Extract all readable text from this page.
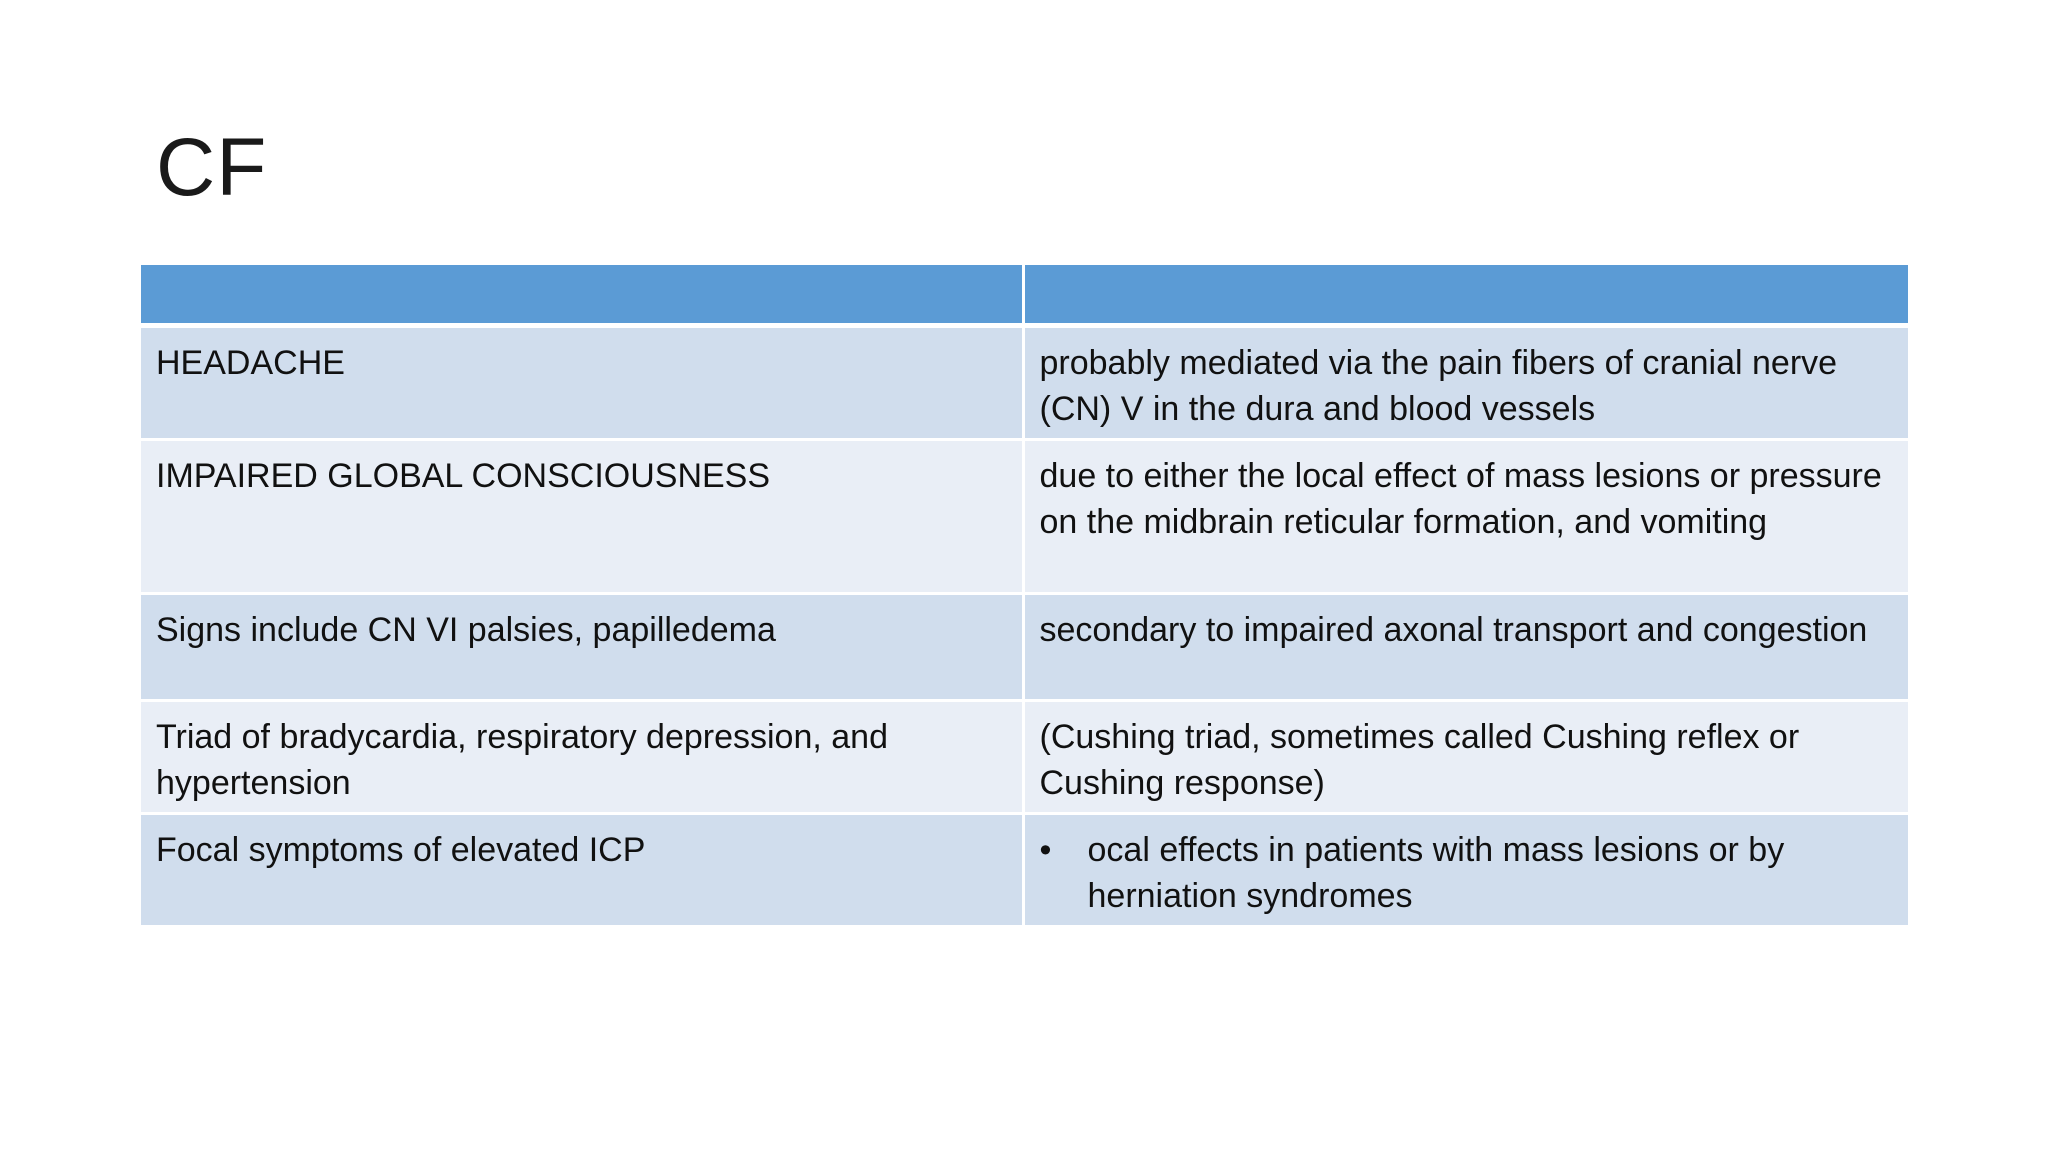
CF

HEADACHE	probably mediated via the pain fibers of cranial nerve (CN) V in the dura and blood vessels
IMPAIRED GLOBAL CONSCIOUSNESS	due to either the local effect of mass lesions or pressure on the midbrain reticular formation, and vomiting
Signs include CN VI palsies, papilledema	secondary to impaired axonal transport and congestion
Triad of bradycardia, respiratory depression, and hypertension	(Cushing triad, sometimes called Cushing reflex or Cushing response)
Focal symptoms of elevated ICP	• ocal effects in patients with mass lesions or by herniation syndromes
